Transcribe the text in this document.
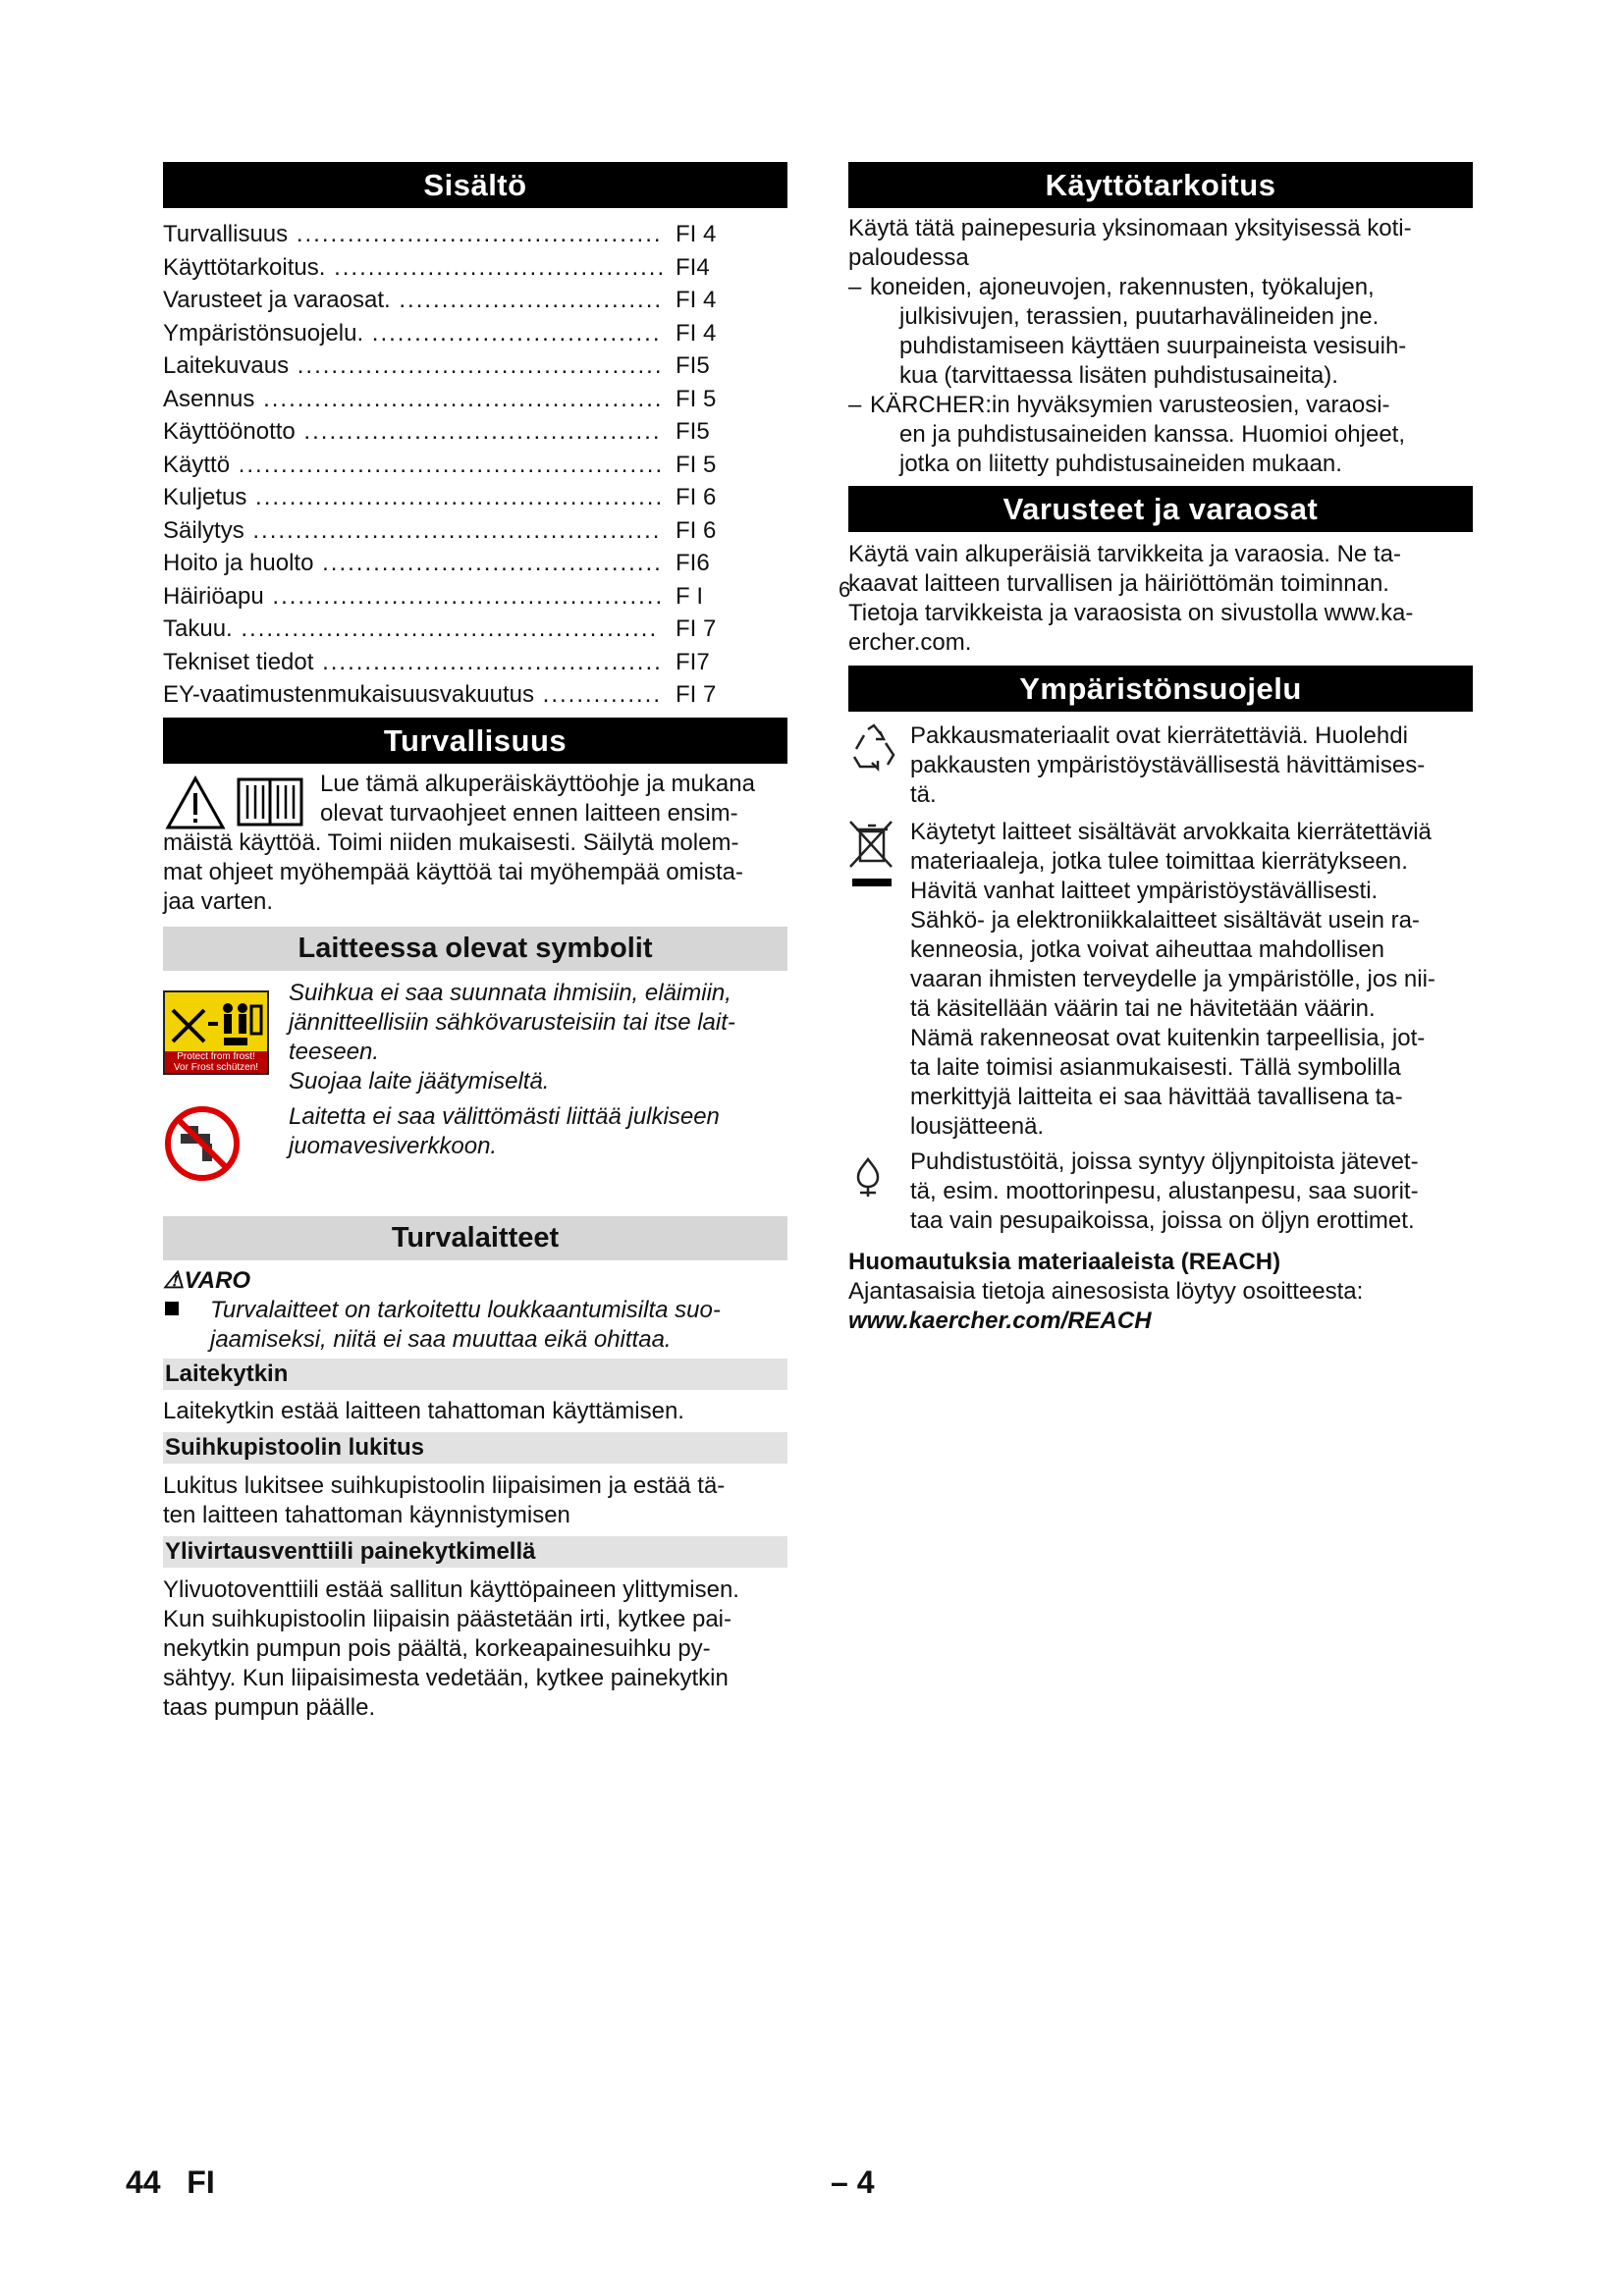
Sisältö
Turvallisuus ........................................... FI 4
Käyttötarkoitus. ....................................... FI4
Varusteet ja varaosat. ............................... FI 4
Ympäristönsuojelu. .................................. FI 4
Laitekuvaus ........................................... FI5
Asennus ............................................... FI 5
Käyttöönotto .......................................... FI5
Käyttö .................................................. FI 5
Kuljetus ................................................ FI 6
Säilytys ................................................ FI 6
Hoito ja huolto ........................................ FI6
Häiriöapu .............................................. F I
Takuu. ................................................. FI 7
Tekniset tiedot ........................................ FI7
EY-vaatimustenmukaisuusvakuutus .............. FI 7
Turvallisuus
Lue tämä alkuperäiskäyttöohje ja mukana
olevat turvaohjeet ennen laitteen ensim-
mäistä käyttöä. Toimi niiden mukaisesti. Säilytä molem-
mat ohjeet myöhempää käyttöä tai myöhempää omista-
jaa varten.
Laitteessa olevat symbolit
Protect from frost!
Vor Frost schützen!
Suihkua ei saa suunnata ihmisiin, eläimiin,
jännitteellisiin sähkövarusteisiin tai itse lait-
teeseen.
Suojaa laite jäätymiseltä.
Laitetta ei saa välittömästi liittää julkiseen
juomavesiverkkoon.
Turvalaitteet
⚠VARO
Turvalaitteet on tarkoitettu loukkaantumisilta suo-
jaamiseksi, niitä ei saa muuttaa eikä ohittaa.
Laitekytkin

Laitekytkin estää laitteen tahattoman käyttämisen.

Suihkupistoolin lukitus

Lukitus lukitsee suihkupistoolin liipaisimen ja estää tä-

ten laitteen tahattoman käynnistymisen

Ylivirtausventtiili painekytkimellä

Ylivuotoventtiili estää sallitun käyttöpaineen ylittymisen.

Kun suihkupistoolin liipaisin päästetään irti, kytkee pai-

nekytkin pumpun pois päältä, korkeapainesuihku py-

sähtyy. Kun liipaisimesta vedetään, kytkee painekytkin

taas pumpun päälle.

Käyttötarkoitus

Käytä tätä painepesuria yksinomaan yksityisessä koti-

paloudessa

– koneiden, ajoneuvojen, rakennusten, työkalujen,
julkisivujen, terassien, puutarhavälineiden jne.
puhdistamiseen käyttäen suurpaineista vesisuih-
kua (tarvittaessa lisäten puhdistusaineita).
– KÄRCHER:in hyväksymien varusteosien, varaosi-
en ja puhdistusaineiden kanssa. Huomioi ohjeet,
jotka on liitetty puhdistusaineiden mukaan.
Varusteet ja varaosat
6

Käytä vain alkuperäisiä tarvikkeita ja varaosia. Ne ta-

kaavat laitteen turvallisen ja häiriöttömän toiminnan.

Tietoja tarvikkeista ja varaosista on sivustolla www.ka-

ercher.com.

Ympäristönsuojelu
Pakkausmateriaalit ovat kierrätettäviä. Huolehdi
pakkausten ympäristöystävällisestä hävittämises-
tä.
Käytetyt laitteet sisältävät arvokkaita kierrätettäviä
materiaaleja, jotka tulee toimittaa kierrätykseen.
Hävitä vanhat laitteet ympäristöystävällisesti.
Sähkö- ja elektroniikkalaitteet sisältävät usein ra-
kenneosia, jotka voivat aiheuttaa mahdollisen
vaaran ihmisten terveydelle ja ympäristölle, jos nii-
tä käsitellään väärin tai ne hävitetään väärin.
Nämä rakenneosat ovat kuitenkin tarpeellisia, jot-
ta laite toimisi asianmukaisesti. Tällä symbolilla
merkittyjä laitteita ei saa hävittää tavallisena ta-
lousjätteenä.
Puhdistustöitä, joissa syntyy öljynpitoista jätevet-
tä, esim. moottorinpesu, alustanpesu, saa suorit-
taa vain pesupaikoissa, joissa on öljyn erottimet.
Huomautuksia materiaaleista (REACH)

Ajantasaisia tietoja ainesosista löytyy osoitteesta:

www.kaercher.com/REACH

44 FI	– 4
